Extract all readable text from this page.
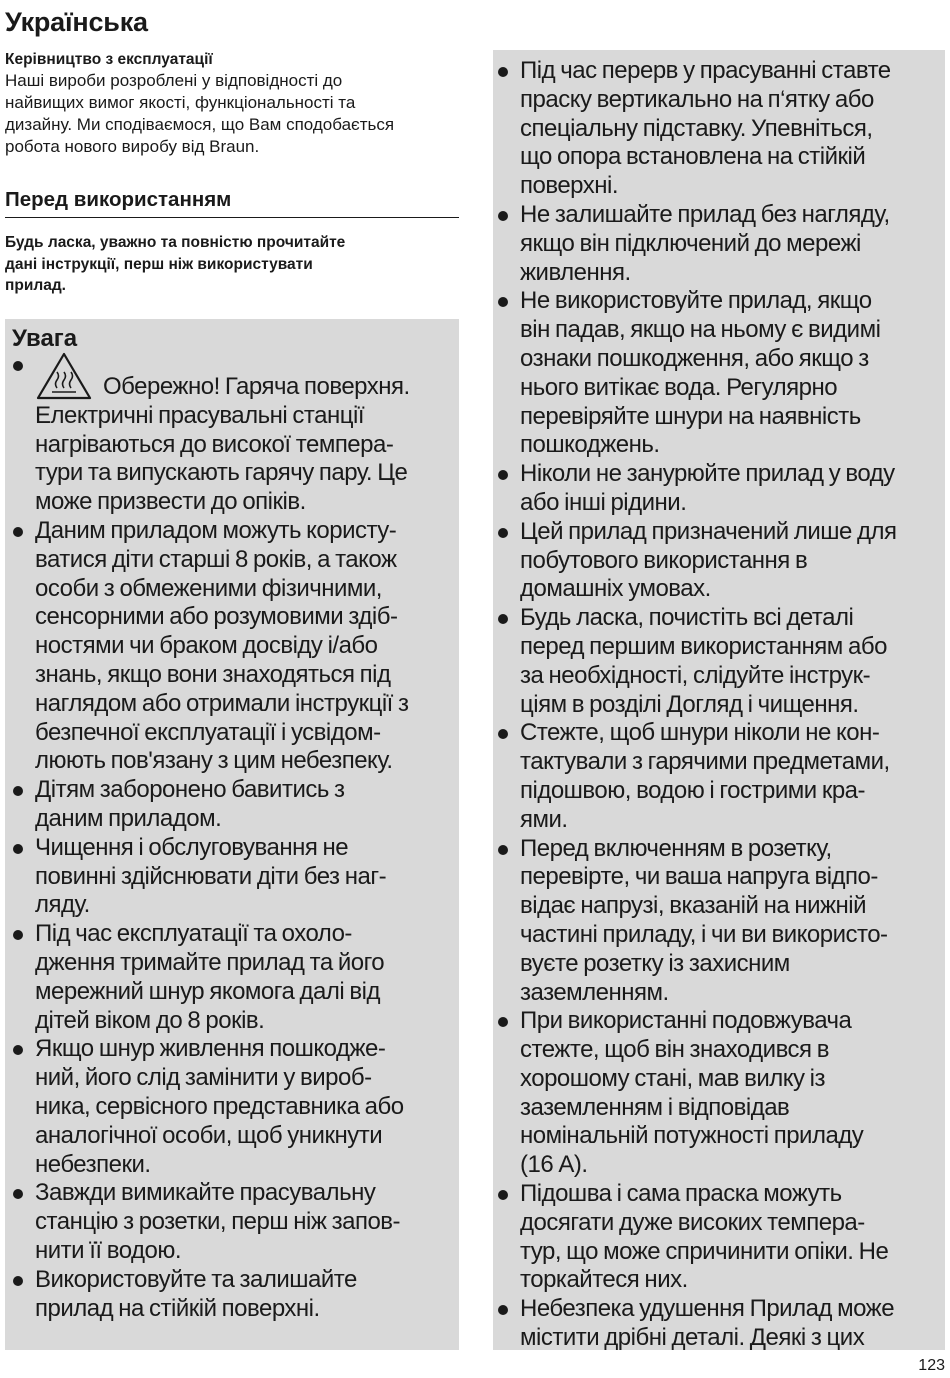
Українська

Керівництво з експлуатації

Наші вироби розроблені у відповідності до
найвищих вимог якості, функціональності та
дизайну. Ми сподіваємося, що Вам сподобається
робота нового виробу від Braun.

Перед використанням

Будь ласка, уважно та повністю прочитайте
дані інструкції, перш ніж використувати
прилад.

Увага
Обережно! Гаряча поверхня.
Електричні прасувальні станції
нагріваються до високої темпера-
тури та випускають гарячу пару. Це
може призвести до опіків.
Даним приладом можуть користу-
ватися діти старші 8 років, а також
особи з обмеженими фізичними,
сенсорними або розумовими здіб-
ностями чи браком досвіду і/або
знань, якщо вони знаходяться під
наглядом або отримали інструкції з
безпечної експлуатації і усвідом-
люють пов'язану з цим небезпеку.
Дітям заборонено бавитись з
даним приладом.
Чищення і обслуговування не
повинні здійснювати діти без наг-
ляду.
Під час експлуатації та охоло-
дження тримайте прилад та його
мережний шнур якомога далі від
дітей віком до 8 років.
Якщо шнур живлення пошкодже-
ний, його слід замінити у вироб-
ника, сервісного представника або
аналогічної особи, щоб уникнути
небезпеки.
Завжди вимикайте прасувальну
станцію з розетки, перш ніж запов-
нити її водою.
Використовуйте та залишайте
прилад на стійкій поверхні.
Під час перерв у прасуванні ставте
праску вертикально на п‘ятку або
спеціальну підставку. Упевніться,
що опора встановлена на стійкій
поверхні.
Не залишайте прилад без нагляду,
якщо він підключений до мережі
живлення.
Не використовуйте прилад, якщо
він падав, якщо на ньому є видимі
ознаки пошкодження, або якщо з
нього витікає вода. Регулярно
перевіряйте шнури на наявність
пошкоджень.
Ніколи не занурюйте прилад у воду
або інші рідини.
Цей прилад призначений лише для
побутового використання в
домашніх умовах.
Будь ласка, почистіть всі деталі
перед першим використанням або
за необхідності, слідуйте інструк-
ціям в розділі Догляд і чищення.
Стежте, щоб шнури ніколи не кон-
тактували з гарячими предметами,
підошвою, водою і гострими кра-
ями.
Перед включенням в розетку,
перевірте, чи ваша напруга відпо-
відає напрузі, вказаній на нижній
частині приладу, і чи ви використо-
вуєте розетку із захисним
заземленням.
При використанні подовжувача
стежте, щоб він знаходився в
хорошому стані, мав вилку із
заземленням і відповідав
номінальній потужності приладу
(16 А).
Підошва і сама праска можуть
досягати дуже високих темпера-
тур, що може спричинити опіки. Не
торкайтеся них.
Небезпека удушення Прилад може
містити дрібні деталі. Деякі з цих
123
